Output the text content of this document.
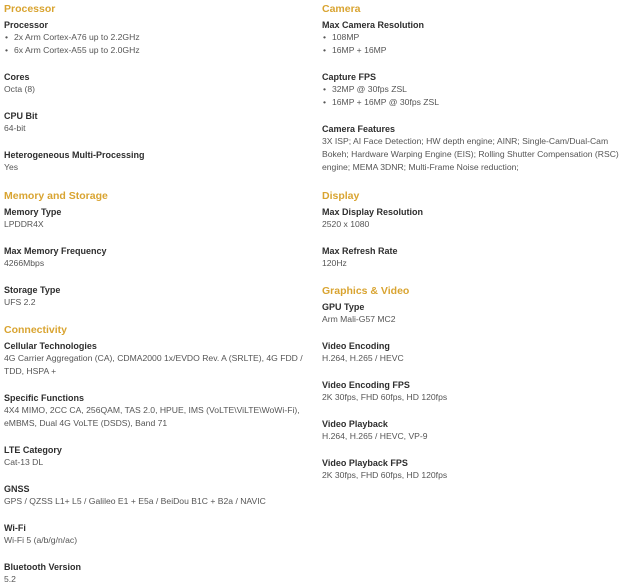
Processor
Processor
• 2x Arm Cortex-A76 up to 2.2GHz
• 6x Arm Cortex-A55 up to 2.0GHz
Cores
Octa (8)
CPU Bit
64-bit
Heterogeneous Multi-Processing
Yes
Memory and Storage
Memory Type
LPDDR4X
Max Memory Frequency
4266Mbps
Storage Type
UFS 2.2
Connectivity
Cellular Technologies
4G Carrier Aggregation (CA), CDMA2000 1x/EVDO Rev. A (SRLTE), 4G FDD /
TDD, HSPA +
Specific Functions
4X4 MIMO, 2CC CA, 256QAM, TAS 2.0, HPUE, IMS (VoLTE\ViLTE\WoWi-Fi),
eMBMS, Dual 4G VoLTE (DSDS), Band 71
LTE Category
Cat-13 DL
GNSS
GPS / QZSS L1+ L5 / Galileo E1 + E5a / BeiDou B1C + B2a / NAVIC
Wi-Fi
Wi-Fi 5 (a/b/g/n/ac)
Bluetooth Version
5.2
Camera
Max Camera Resolution
• 108MP
• 16MP + 16MP
Capture FPS
• 32MP @ 30fps ZSL
• 16MP + 16MP @ 30fps ZSL
Camera Features
3X ISP; AI Face Detection; HW depth engine; AINR; Single-Cam/Dual-Cam
Bokeh; Hardware Warping Engine (EIS); Rolling Shutter Compensation (RSC)
engine; MEMA 3DNR; Multi-Frame Noise reduction;
Display
Max Display Resolution
2520 x 1080
Max Refresh Rate
120Hz
Graphics & Video
GPU Type
Arm Mali-G57 MC2
Video Encoding
H.264, H.265 / HEVC
Video Encoding FPS
2K 30fps, FHD 60fps, HD 120fps
Video Playback
H.264, H.265 / HEVC, VP-9
Video Playback FPS
2K 30fps, FHD 60fps, HD 120fps
